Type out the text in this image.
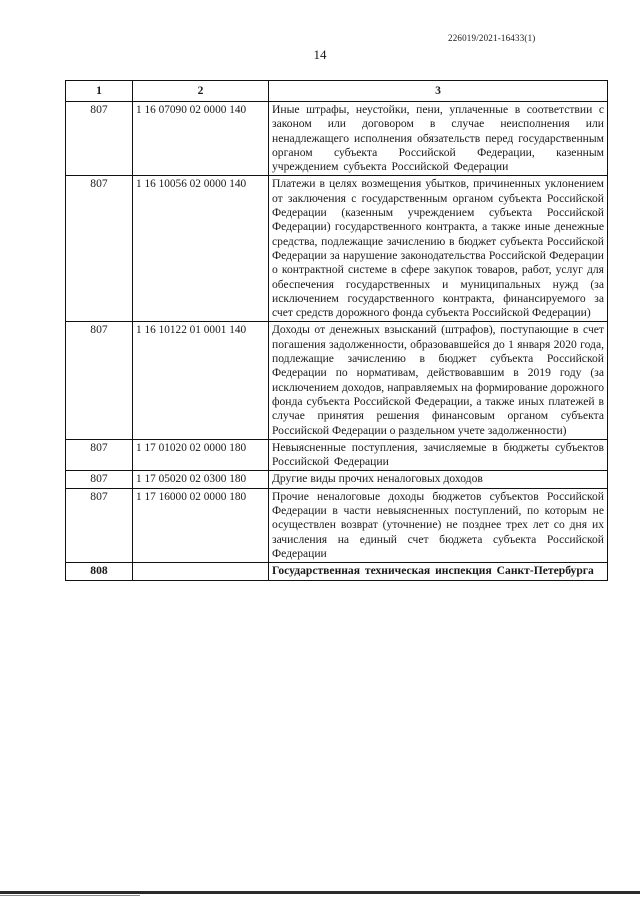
226019/2021-16433(1)
14
1	2	3
807	1 16 07090 02 0000 140	Иные штрафы, неустойки, пени, уплаченные в соответствии с законом или договором в случае неисполнения или ненадлежащего исполнения обязательств перед государственным органом субъекта Российской Федерации, казенным учреждением субъекта Российской Федерации
807	1 16 10056 02 0000 140	Платежи в целях возмещения убытков, причиненных уклонением от заключения с государственным органом субъекта Российской Федерации (казенным учреждением субъекта Российской Федерации) государственного контракта, а также иные денежные средства, подлежащие зачислению в бюджет субъекта Российской Федерации за нарушение законодательства Российской Федерации о контрактной системе в сфере закупок товаров, работ, услуг для обеспечения государственных и муниципальных нужд (за исключением государственного контракта, финансируемого за счет средств дорожного фонда субъекта Российской Федерации)
807	1 16 10122 01 0001 140	Доходы от денежных взысканий (штрафов), поступающие в счет погашения задолженности, образовавшейся до 1 января 2020 года, подлежащие зачислению в бюджет субъекта Российской Федерации по нормативам, действовавшим в 2019 году (за исключением доходов, направляемых на формирование дорожного фонда субъекта Российской Федерации, а также иных платежей в случае принятия решения финансовым органом субъекта Российской Федерации о раздельном учете задолженности)
807	1 17 01020 02 0000 180	Невыясненные поступления, зачисляемые в бюджеты субъектов Российской Федерации
807	1 17 05020 02 0300 180	Другие виды прочих неналоговых доходов
807	1 17 16000 02 0000 180	Прочие неналоговые доходы бюджетов субъектов Российской Федерации в части невыясненных поступлений, по которым не осуществлен возврат (уточнение) не позднее трех лет со дня их зачисления на единый счет бюджета субъекта Российской Федерации
808		Государственная техническая инспекция Санкт-Петербурга
